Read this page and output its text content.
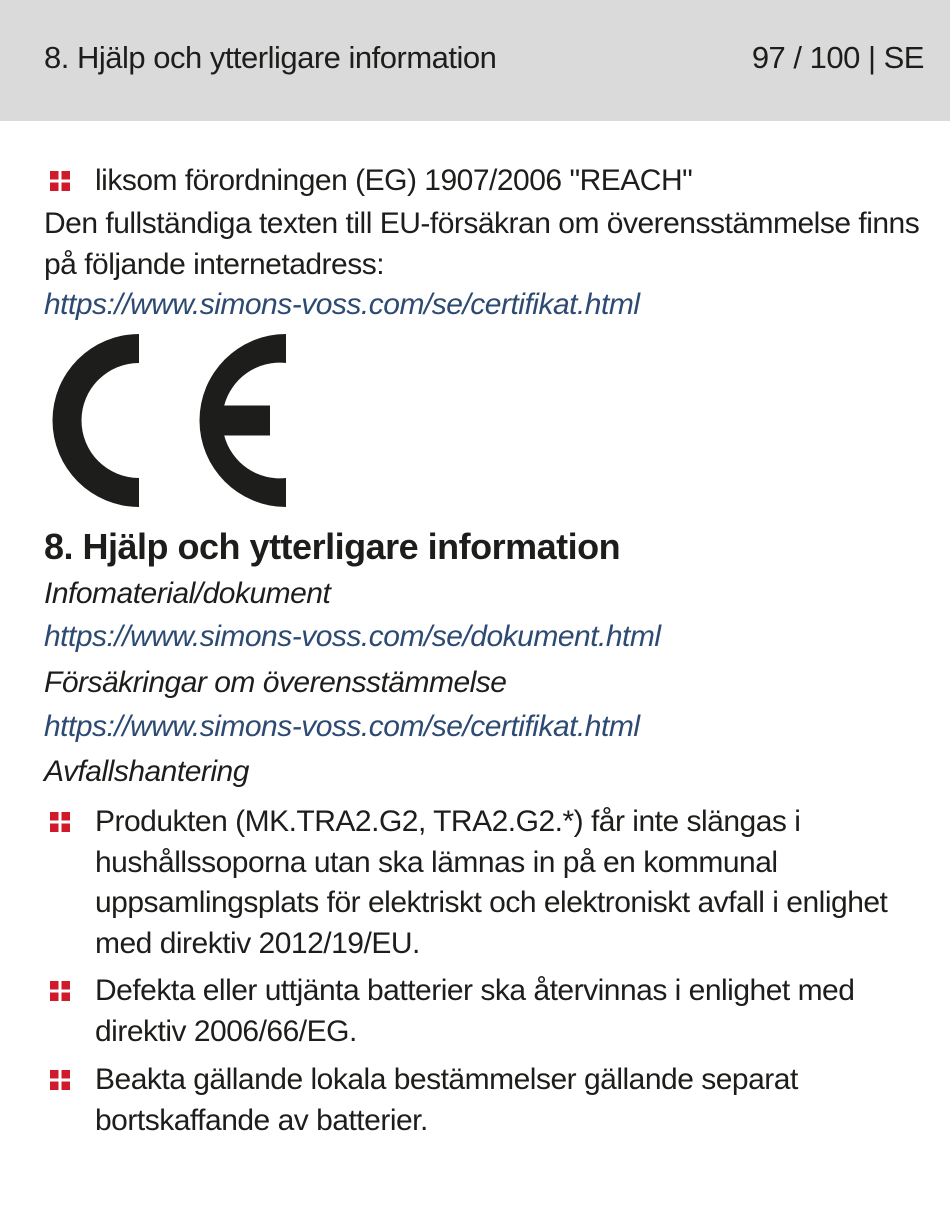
8. Hjälp och ytterligare information	97 / 100 | SE
liksom förordningen (EG) 1907/2006 "REACH"
Den fullständiga texten till EU-försäkran om överensstämmelse finns på följande internetadress:
https://www.simons-voss.com/se/certifikat.html
8. Hjälp och ytterligare information
Infomaterial/dokument
https://www.simons-voss.com/se/dokument.html
Försäkringar om överensstämmelse
https://www.simons-voss.com/se/certifikat.html
Avfallshantering
Produkten (MK.TRA2.G2, TRA2.G2.*) får inte slängas i hushållssoporna utan ska lämnas in på en kommunal uppsamlingsplats för elektriskt och elektroniskt avfall i enlighet med direktiv 2012/19/EU.
Defekta eller uttjänta batterier ska återvinnas i enlighet med direktiv 2006/66/EG.
Beakta gällande lokala bestämmelser gällande separat bortskaffande av batterier.
